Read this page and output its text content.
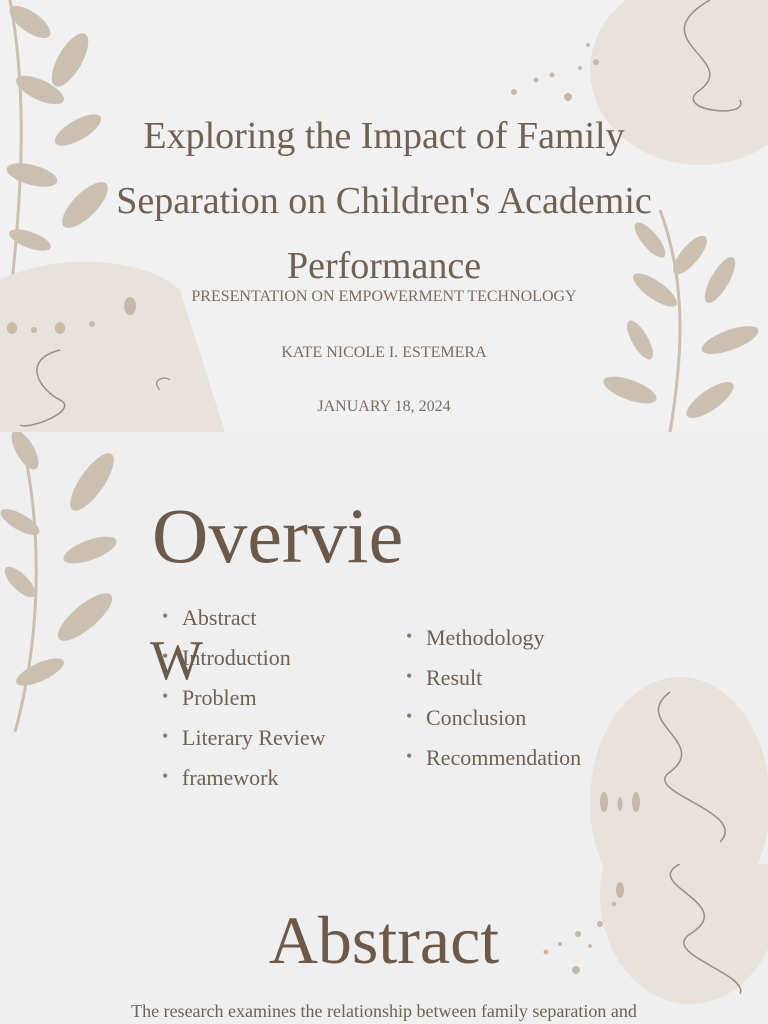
Exploring the Impact of Family
Separation on Children's Academic
Performance
PRESENTATION ON EMPOWERMENT TECHNOLOGY
KATE NICOLE I. ESTEMERA
JANUARY 18, 2024
Overvie
W
• Abstract
• Introduction
• Problem
• Literary Review
• framework
• Methodology
• Result
• Conclusion
• Recommendation
Abstract
The research examines the relationship between family separation and
